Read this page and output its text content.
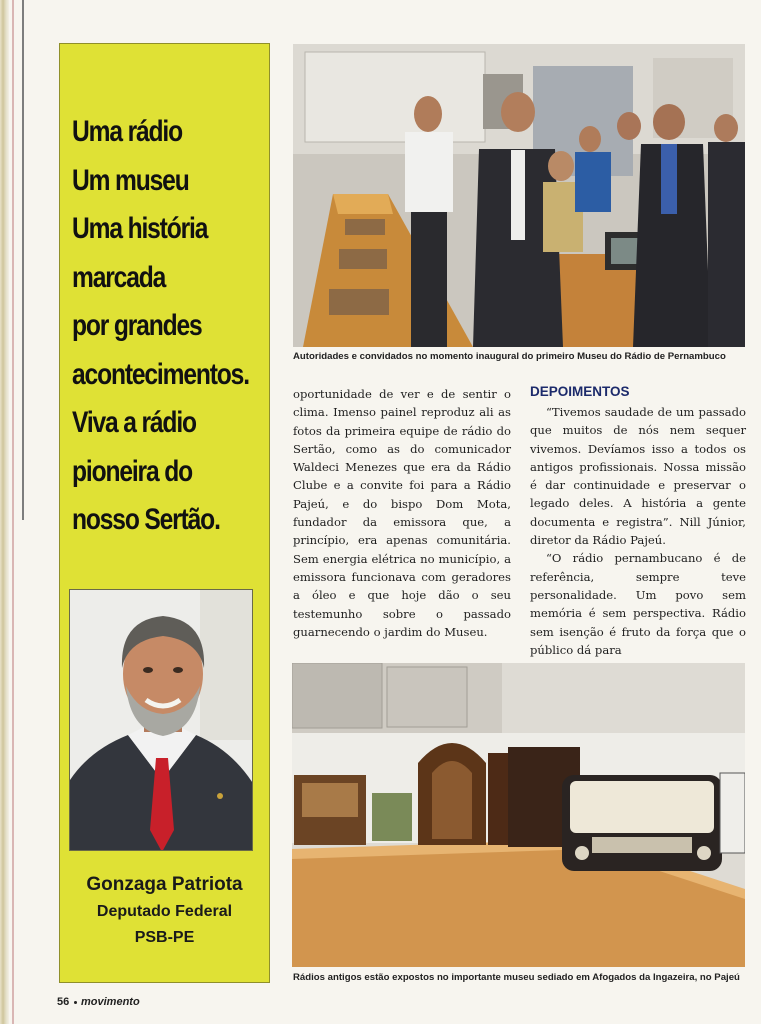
Uma rádio
Um museu
Uma história
marcada
por grandes
acontecimentos.
Viva a rádio
pioneira do
nosso Sertão.

Gonzaga Patriota

Deputado Federal

PSB-PE

Autoridades e convidados no momento inaugural do primeiro Museu do Rádio de Pernambuco

oportunidade de ver e de sentir o clima. Imenso painel reproduz ali as fotos da primeira equipe de rádio do Sertão, como as do comunicador Waldeci Menezes que era da Rádio Clube e a convite foi para a Rádio Pajeú, e do bispo Dom Mota, fundador da emissora que, a princípio, era apenas comunitária. Sem energia elétrica no município, a emissora funcionava com geradores a óleo e que hoje dão o seu testemunho sobre o passado guarnecendo o jardim do Museu.

DEPOIMENTOS

“Tivemos saudade de um passado que muitos de nós nem sequer vivemos. Devíamos isso a todos os antigos profissionais. Nossa missão é dar continuidade e preservar o legado deles. A história a gente documenta e registra”. Nill Júnior, diretor da Rádio Pajeú.

“O rádio pernambucano é de referência, sempre teve personalidade. Um povo sem memória é sem perspectiva. Rádio sem isenção é fruto da força que o público dá para

Rádios antigos estão expostos no importante museu sediado em Afogados da Ingazeira, no Pajeú

56 movimento
